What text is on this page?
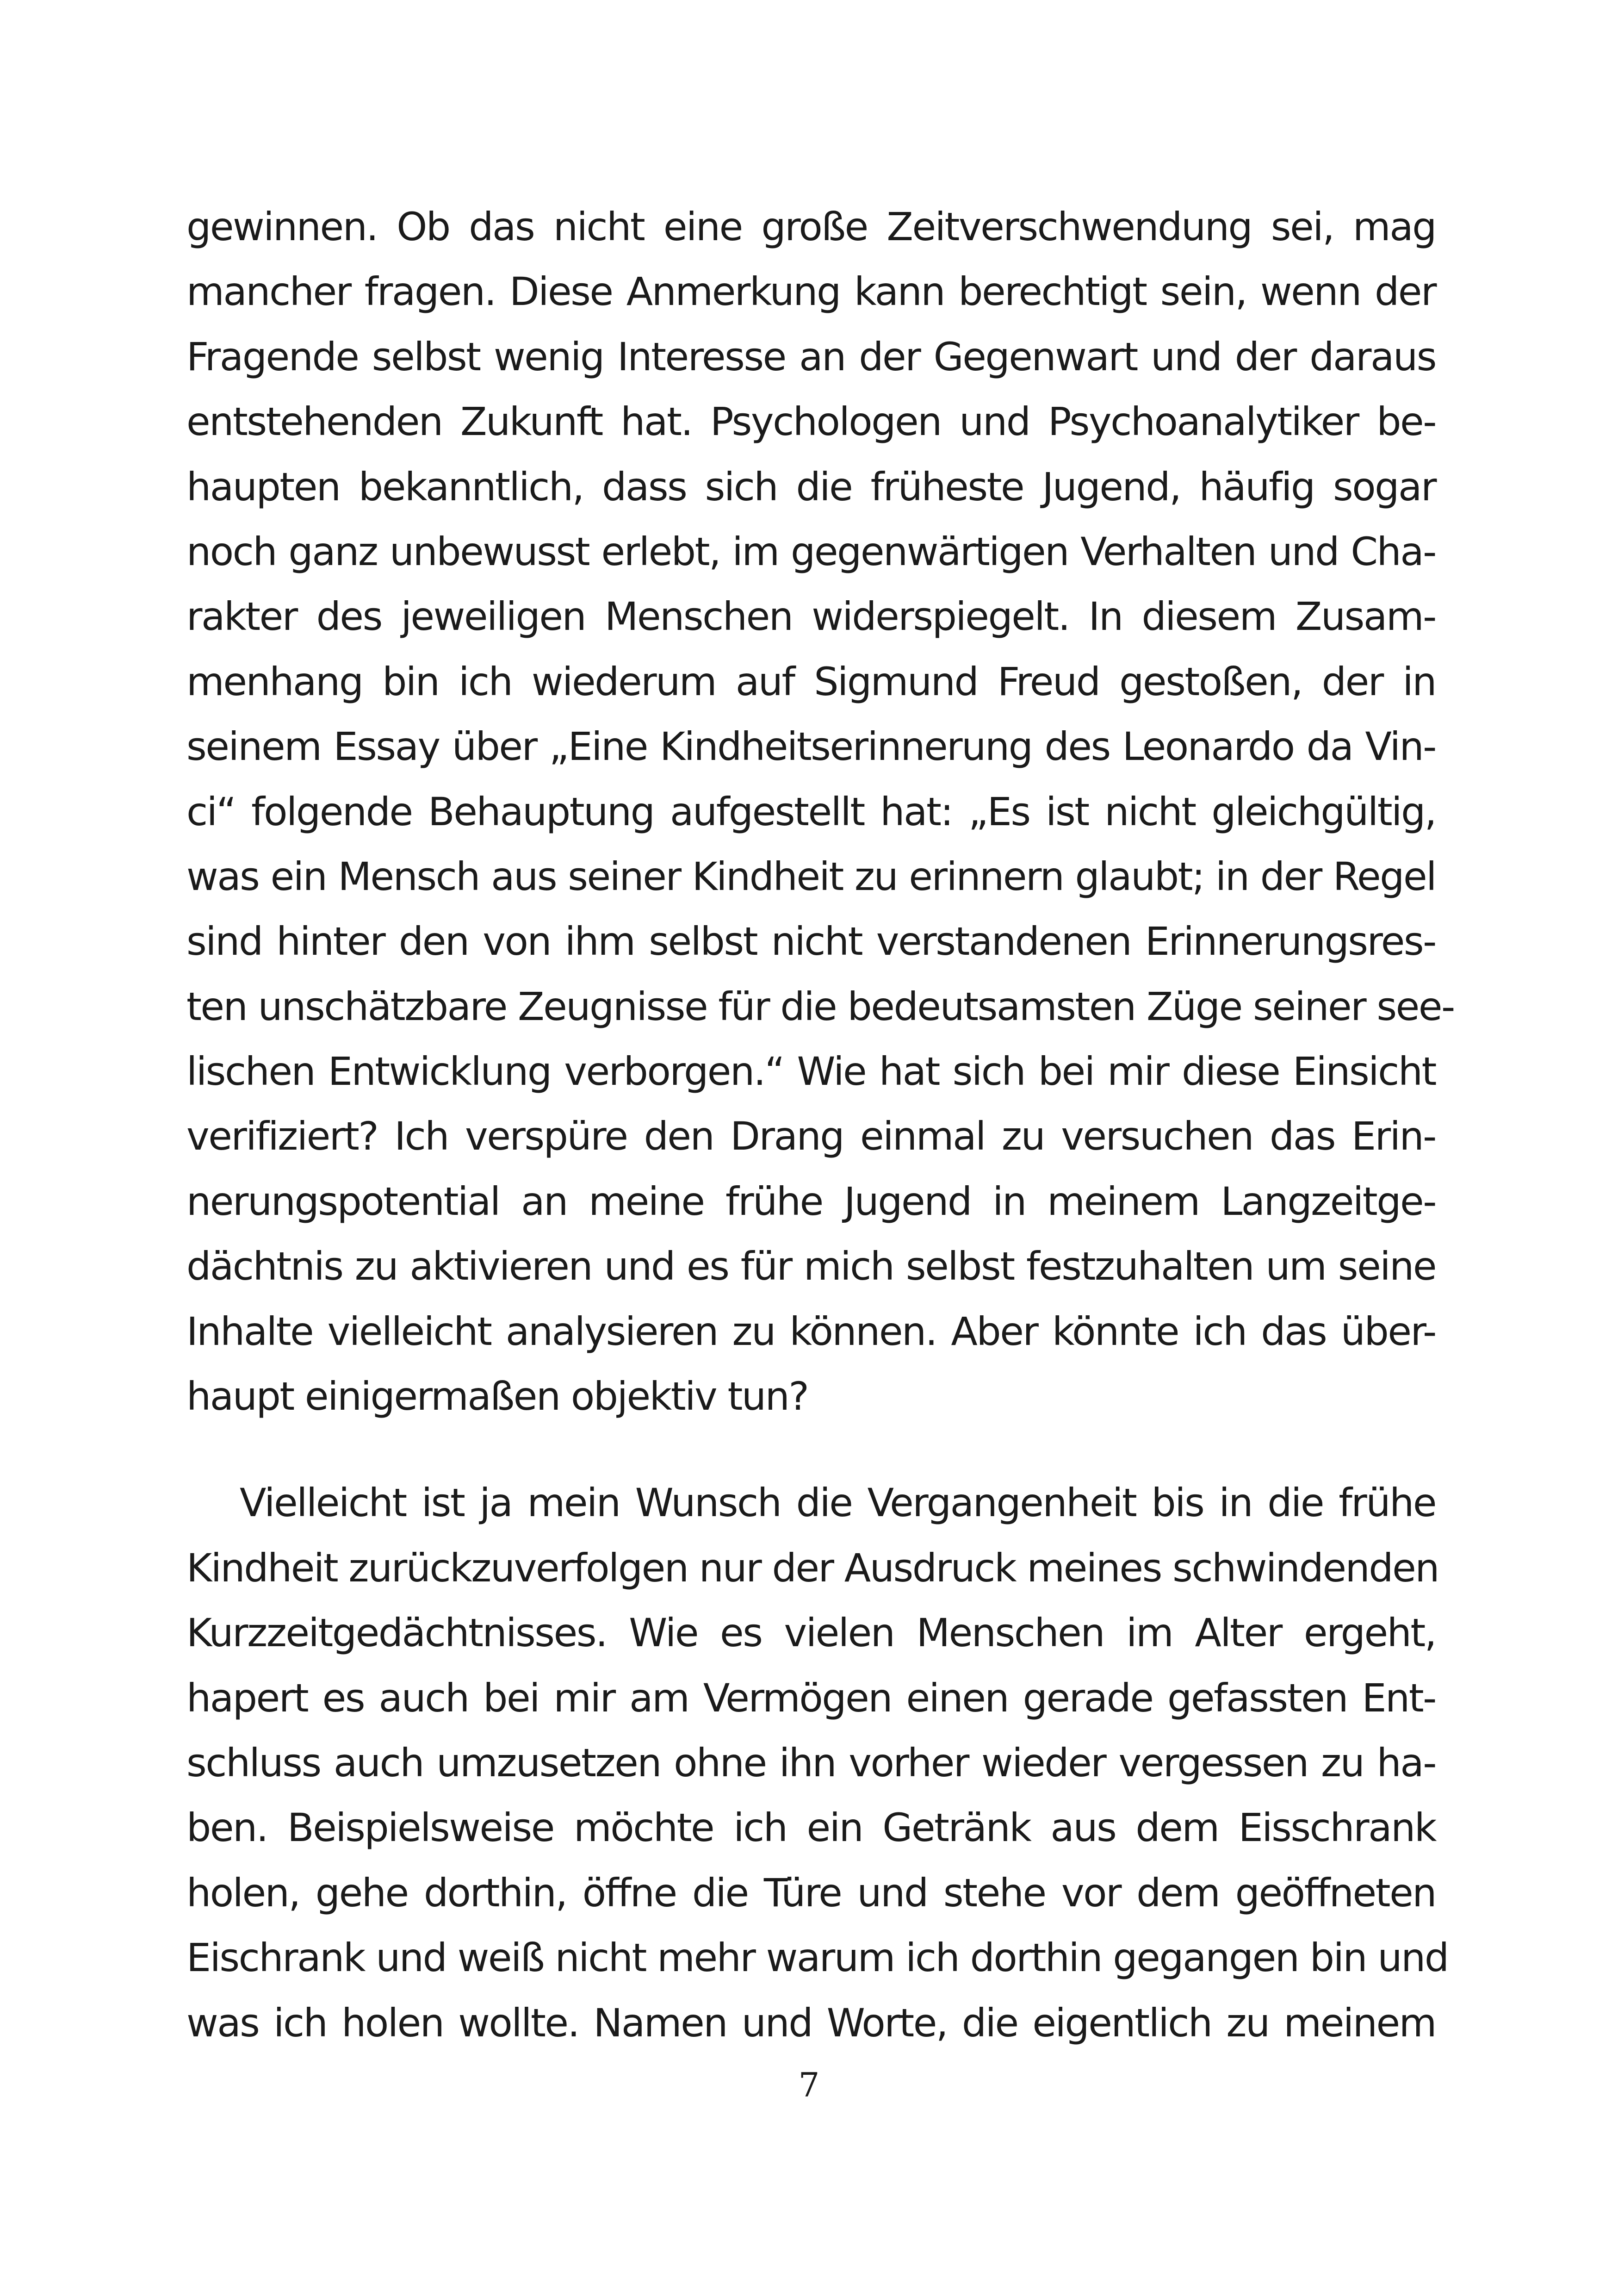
gewinnen. Ob das nicht eine große Zeitverschwendung sei, mag
mancher fragen. Diese Anmerkung kann berechtigt sein, wenn der
Fragende selbst wenig Interesse an der Gegenwart und der daraus
entstehenden Zukunft hat. Psychologen und Psychoanalytiker be-
haupten bekanntlich, dass sich die früheste Jugend, häufig sogar
noch ganz unbewusst erlebt, im gegenwärtigen Verhalten und Cha-
rakter des jeweiligen Menschen widerspiegelt. In diesem Zusam-
menhang bin ich wiederum auf Sigmund Freud gestoßen, der in
seinem Essay über „Eine Kindheitserinnerung des Leonardo da Vin-
ci“ folgende Behauptung aufgestellt hat: „Es ist nicht gleichgültig,
was ein Mensch aus seiner Kindheit zu erinnern glaubt; in der Regel
sind hinter den von ihm selbst nicht verstandenen Erinnerungsres-
ten unschätzbare Zeugnisse für die bedeutsamsten Züge seiner see-
lischen Entwicklung verborgen.“ Wie hat sich bei mir diese Einsicht
verifiziert? Ich verspüre den Drang einmal zu versuchen das Erin-
nerungspotential an meine frühe Jugend in meinem Langzeitge-
dächtnis zu aktivieren und es für mich selbst festzuhalten um seine
Inhalte vielleicht analysieren zu können. Aber könnte ich das über-
haupt einigermaßen objektiv tun?
Vielleicht ist ja mein Wunsch die Vergangenheit bis in die frühe
Kindheit zurückzuverfolgen nur der Ausdruck meines schwindenden
Kurzzeitgedächtnisses. Wie es vielen Menschen im Alter ergeht,
hapert es auch bei mir am Vermögen einen gerade gefassten Ent-
schluss auch umzusetzen ohne ihn vorher wieder vergessen zu ha-
ben. Beispielsweise möchte ich ein Getränk aus dem Eisschrank
holen, gehe dorthin, öffne die Türe und stehe vor dem geöffneten
Eischrank und weiß nicht mehr warum ich dorthin gegangen bin und
was ich holen wollte. Namen und Worte, die eigentlich zu meinem
7
